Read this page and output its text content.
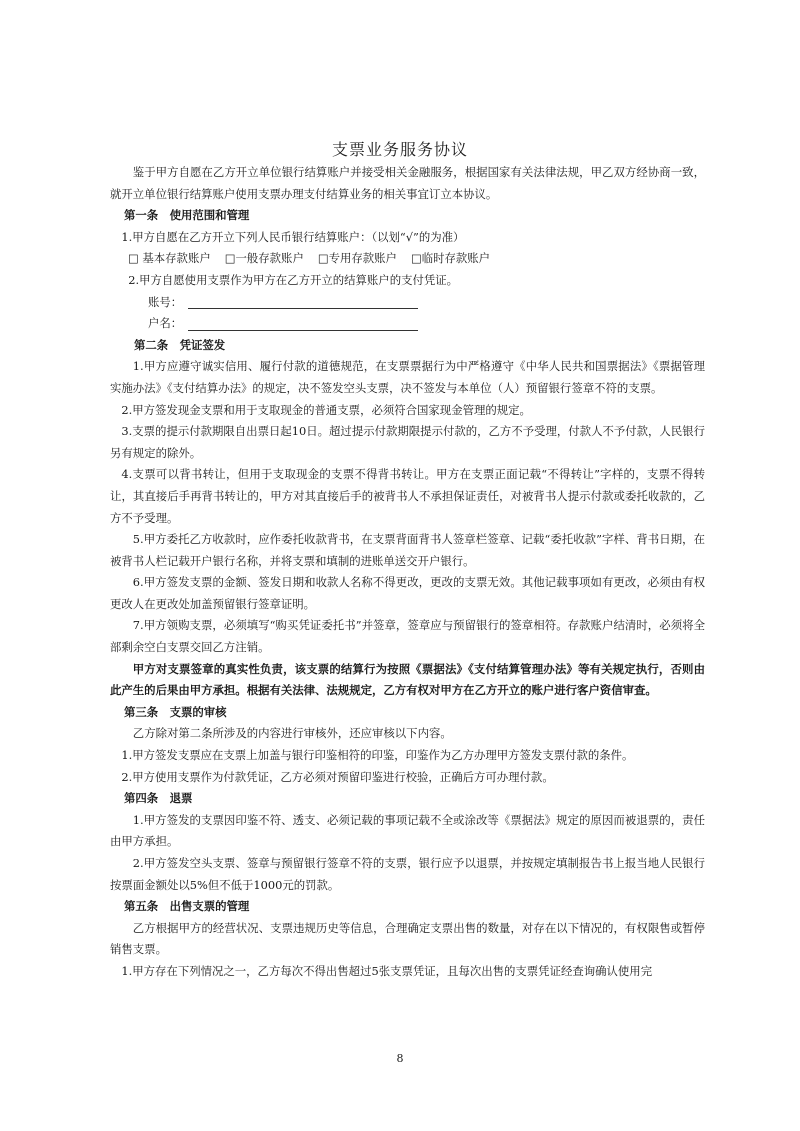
支票业务服务协议

鉴于甲方自愿在乙方开立单位银行结算账户并接受相关金融服务，根据国家有关法律法规，甲乙双方经协商一致，就开立单位银行结算账户使用支票办理支付结算业务的相关事宜订立本协议。

第一条　使用范围和管理

1.甲方自愿在乙方开立下列人民币银行结算账户：（以划“√”的为准）

□ 基本存款账户 □一般存款账户 □专用存款账户 □临时存款账户

2.甲方自愿使用支票作为甲方在乙方开立的结算账户的支付凭证。

账号：
户名：

第二条　凭证签发

1.甲方应遵守诚实信用、履行付款的道德规范，在支票票据行为中严格遵守《中华人民共和国票据法》《票据管理实施办法》《支付结算办法》的规定，决不签发空头支票，决不签发与本单位（人）预留银行签章不符的支票。

2.甲方签发现金支票和用于支取现金的普通支票，必须符合国家现金管理的规定。

3.支票的提示付款期限自出票日起10日。超过提示付款期限提示付款的，乙方不予受理，付款人不予付款，人民银行另有规定的除外。

4.支票可以背书转让，但用于支取现金的支票不得背书转让。甲方在支票正面记载“不得转让”字样的，支票不得转让，其直接后手再背书转让的，甲方对其直接后手的被背书人不承担保证责任，对被背书人提示付款或委托收款的，乙方不予受理。

5.甲方委托乙方收款时，应作委托收款背书，在支票背面背书人签章栏签章、记载“委托收款”字样、背书日期，在被背书人栏记载开户银行名称，并将支票和填制的进账单送交开户银行。

6.甲方签发支票的金额、签发日期和收款人名称不得更改，更改的支票无效。其他记载事项如有更改，必须由有权更改人在更改处加盖预留银行签章证明。

7.甲方领购支票，必须填写“购买凭证委托书”并签章，签章应与预留银行的签章相符。存款账户结清时，必须将全部剩余空白支票交回乙方注销。

甲方对支票签章的真实性负责，该支票的结算行为按照《票据法》《支付结算管理办法》等有关规定执行，否则由此产生的后果由甲方承担。根据有关法律、法规规定，乙方有权对甲方在乙方开立的账户进行客户资信审查。

第三条　支票的审核

乙方除对第二条所涉及的内容进行审核外，还应审核以下内容。

1.甲方签发支票应在支票上加盖与银行印鉴相符的印鉴，印鉴作为乙方办理甲方签发支票付款的条件。

2.甲方使用支票作为付款凭证，乙方必须对预留印鉴进行校验，正确后方可办理付款。

第四条　退票

1.甲方签发的支票因印鉴不符、透支、必须记载的事项记载不全或涂改等《票据法》规定的原因而被退票的，责任由甲方承担。

2.甲方签发空头支票、签章与预留银行签章不符的支票，银行应予以退票，并按规定填制报告书上报当地人民银行按票面金额处以5%但不低于1000元的罚款。

第五条　出售支票的管理

乙方根据甲方的经营状况、支票违规历史等信息，合理确定支票出售的数量，对存在以下情况的，有权限售或暂停销售支票。

1.甲方存在下列情况之一，乙方每次不得出售超过5张支票凭证，且每次出售的支票凭证经查询确认使用完

8
